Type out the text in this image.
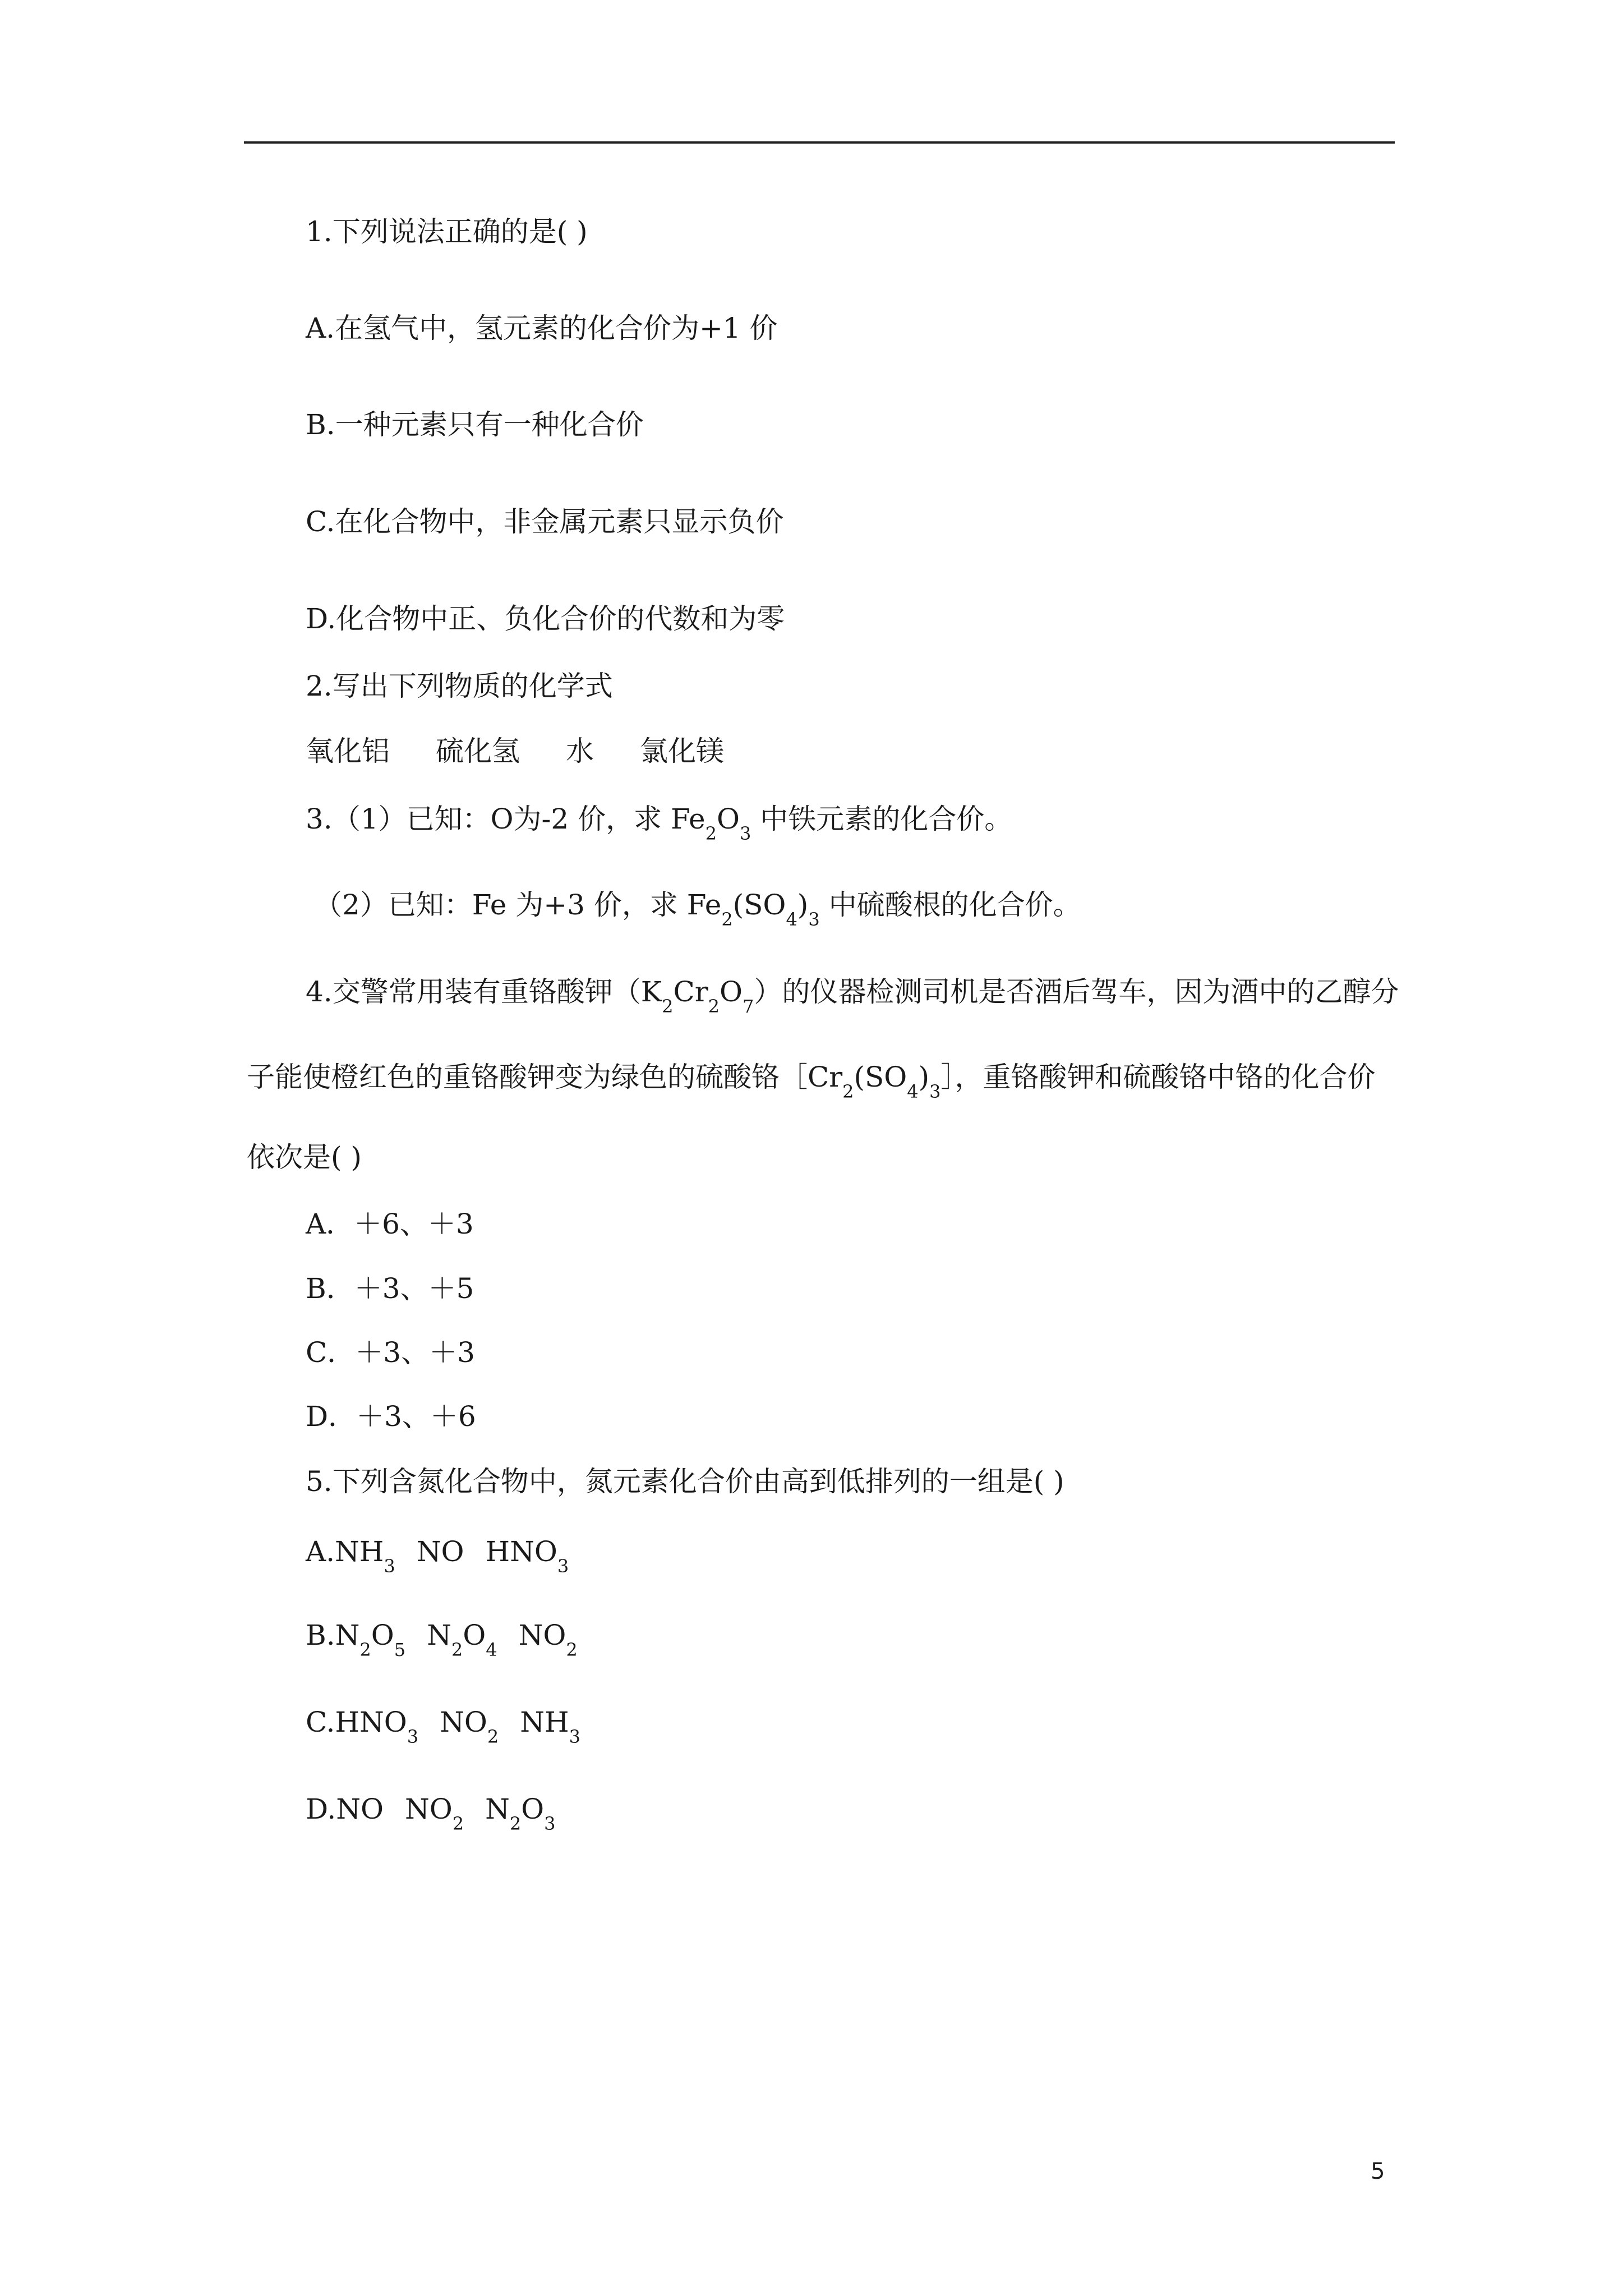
1.下列说法正确的是( )
A.在氢气中，氢元素的化合价为+1 价
B.一种元素只有一种化合价
C.在化合物中，非金属元素只显示负价
D.化合物中正、负化合价的代数和为零
2.写出下列物质的化学式
氧化铝 硫化氢 水 氯化镁
3.（1）已知：O为-2 价，求 $Fe_2O_3$ 中铁元素的化合价。
（2）已知：Fe 为+3 价，求 $Fe_2(SO_4)_3$ 中硫酸根的化合价。
4.交警常用装有重铬酸钾$(K_2Cr_2O_7)$的仪器检测司机是否酒后驾车，因为酒中的乙醇分
子能使橙红色的重铬酸钾变为绿色的硫酸铬$[Cr_2(SO_4)_3]$，重铬酸钾和硫酸铬中铬的化合价
依次是( )
A．＋6、＋3
B．＋3、＋5
C．＋3、＋3
D．＋3、＋6
5.下列含氮化合物中，氮元素化合价由高到低排列的一组是( )
$A.NH_3$ NO $HNO_3$
$B.N_2O_5$ $N_2O_4$ $NO_2$
$C.HNO_3$ $NO_2$ $NH_3$
D.NO $NO_2$ $N_2O_3$
5
